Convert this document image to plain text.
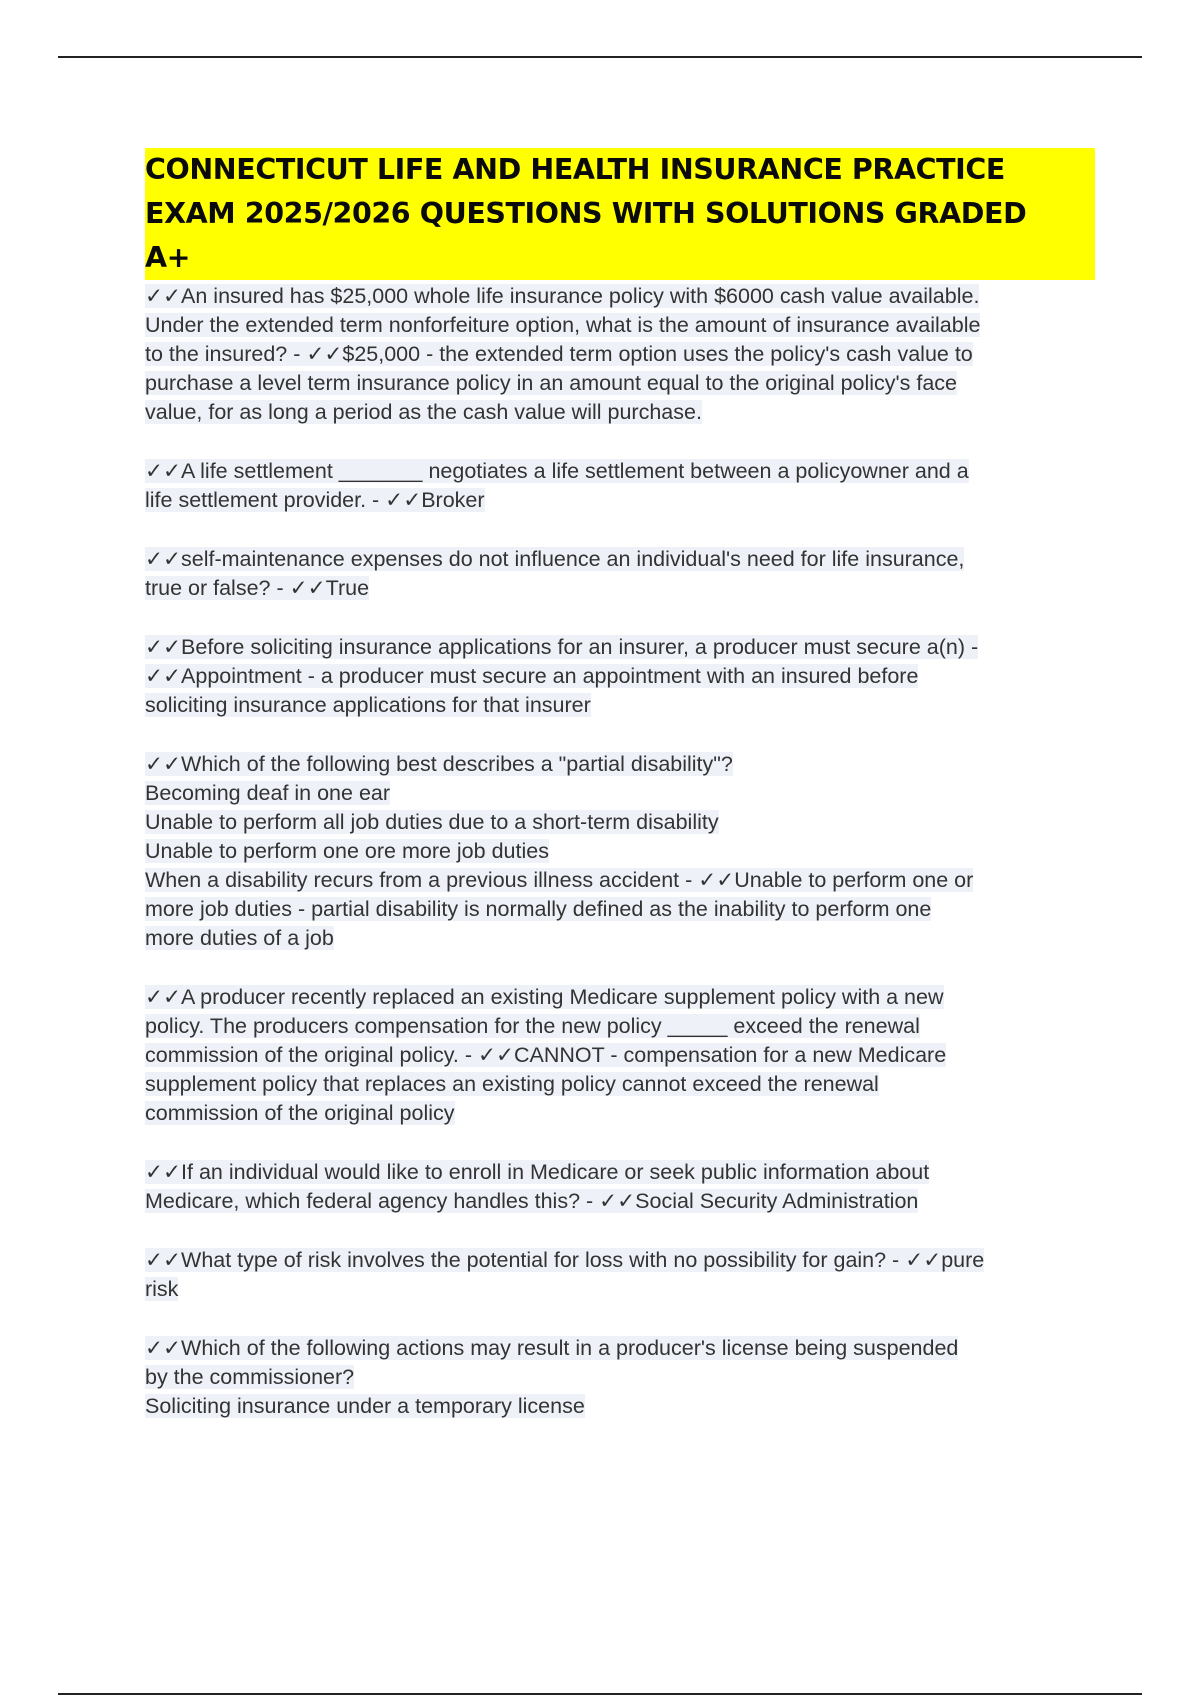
CONNECTICUT LIFE AND HEALTH INSURANCE PRACTICE
EXAM 2025/2026 QUESTIONS WITH SOLUTIONS GRADED
A+
✓✓An insured has $25,000 whole life insurance policy with $6000 cash value available.
Under the extended term nonforfeiture option, what is the amount of insurance available
to the insured? - ✓✓$25,000 - the extended term option uses the policy's cash value to
purchase a level term insurance policy in an amount equal to the original policy's face
value, for as long a period as the cash value will purchase.
✓✓A life settlement _______ negotiates a life settlement between a policyowner and a
life settlement provider. - ✓✓Broker
✓✓self-maintenance expenses do not influence an individual's need for life insurance,
true or false? - ✓✓True
✓✓Before soliciting insurance applications for an insurer, a producer must secure a(n) -
✓✓Appointment - a producer must secure an appointment with an insured before
soliciting insurance applications for that insurer
✓✓Which of the following best describes a "partial disability"?
Becoming deaf in one ear
Unable to perform all job duties due to a short-term disability
Unable to perform one ore more job duties
When a disability recurs from a previous illness accident - ✓✓Unable to perform one or
more job duties - partial disability is normally defined as the inability to perform one
more duties of a job
✓✓A producer recently replaced an existing Medicare supplement policy with a new
policy. The producers compensation for the new policy _____ exceed the renewal
commission of the original policy. - ✓✓CANNOT - compensation for a new Medicare
supplement policy that replaces an existing policy cannot exceed the renewal
commission of the original policy
✓✓If an individual would like to enroll in Medicare or seek public information about
Medicare, which federal agency handles this? - ✓✓Social Security Administration
✓✓What type of risk involves the potential for loss with no possibility for gain? - ✓✓pure
risk
✓✓Which of the following actions may result in a producer's license being suspended
by the commissioner?
Soliciting insurance under a temporary license
